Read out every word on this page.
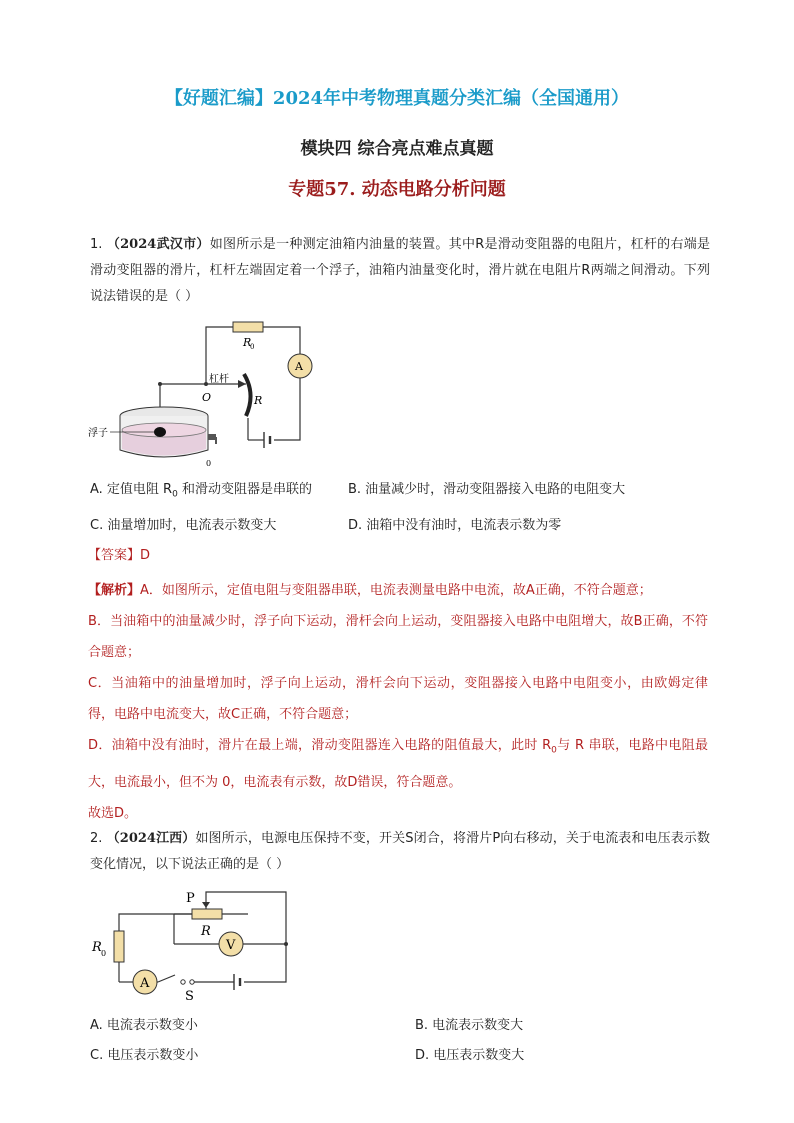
【好题汇编】2024年中考物理真题分类汇编（全国通用）
模块四 综合亮点难点真题
专题57. 动态电路分析问题
1. （2024武汉市）如图所示是一种测定油箱内油量的装置。其中R是滑动变阻器的电阻片，杠杆的右端是滑动变阻器的滑片，杠杆左端固定着一个浮子，油箱内油量变化时，滑片就在电阻片R两端之间滑动。下列说法错误的是（ ）
R
0
A
杠杆
O	R
浮子
0
A. 定值电阻 $R_0$ 和滑动变阻器是串联的	B. 油量减少时，滑动变阻器接入电路的电阻变大
C. 油量增加时，电流表示数变大	D. 油箱中没有油时，电流表示数为零
【答案】D
【解析】A．如图所示，定值电阻与变阻器串联，电流表测量电路中电流，故A正确，不符合题意；
B．当油箱中的油量减少时，浮子向下运动，滑杆会向上运动，变阻器接入电路中电阻增大，故B正确，不符合题意；
C．当油箱中的油量增加时，浮子向上运动，滑杆会向下运动，变阻器接入电路中电阻变小，由欧姆定律得，电路中电流变大，故C正确，不符合题意；
D．油箱中没有油时，滑片在最上端，滑动变阻器连入电路的阻值最大，此时 $R_0$与 R 串联，电路中电阻最大，电流最小，但不为 0，电流表有示数，故D错误，符合题意。
故选D。
2. （2024江西）如图所示，电源电压保持不变，开关S闭合，将滑片P向右移动，关于电流表和电压表示数变化情况，以下说法正确的是（ ）
P
R
V
R 0
A
S
A. 电流表示数变小	B. 电流表示数变大
C. 电压表示数变小	D. 电压表示数变大
